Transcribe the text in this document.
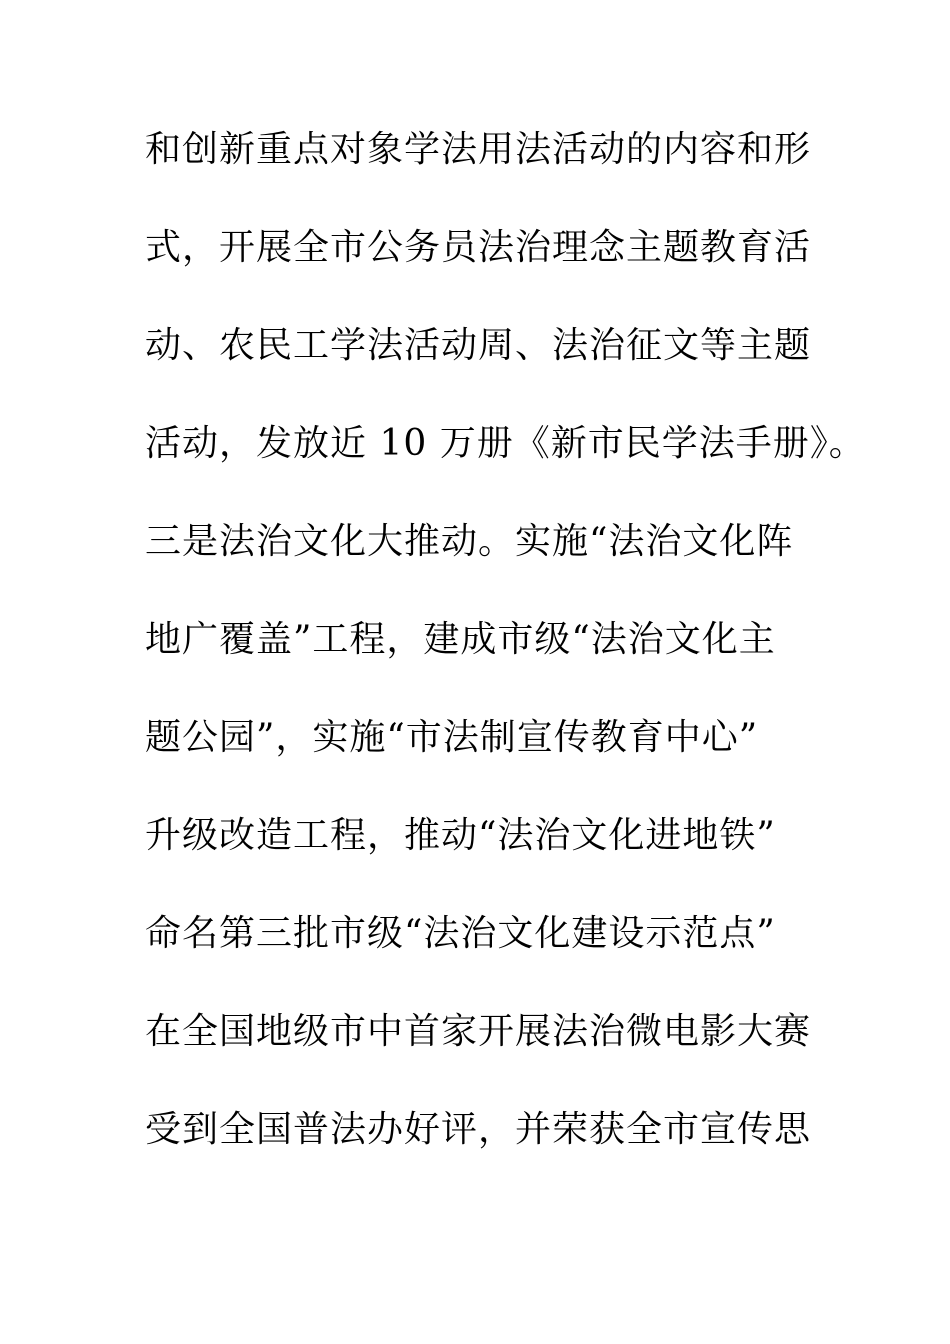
和创新重点对象学法用法活动的内容和形
式，开展全市公务员法治理念主题教育活
动、农民工学法活动周、法治征文等主题
活动，发放近 10 万册《新市民学法手册》。
三是法治文化大推动。实施“法治文化阵
地广覆盖”工程，建成市级“法治文化主
题公园”，实施“市法制宣传教育中心”
升级改造工程，推动“法治文化进地铁”
命名第三批市级“法治文化建设示范点”
在全国地级市中首家开展法治微电影大赛
受到全国普法办好评，并荣获全市宣传思
